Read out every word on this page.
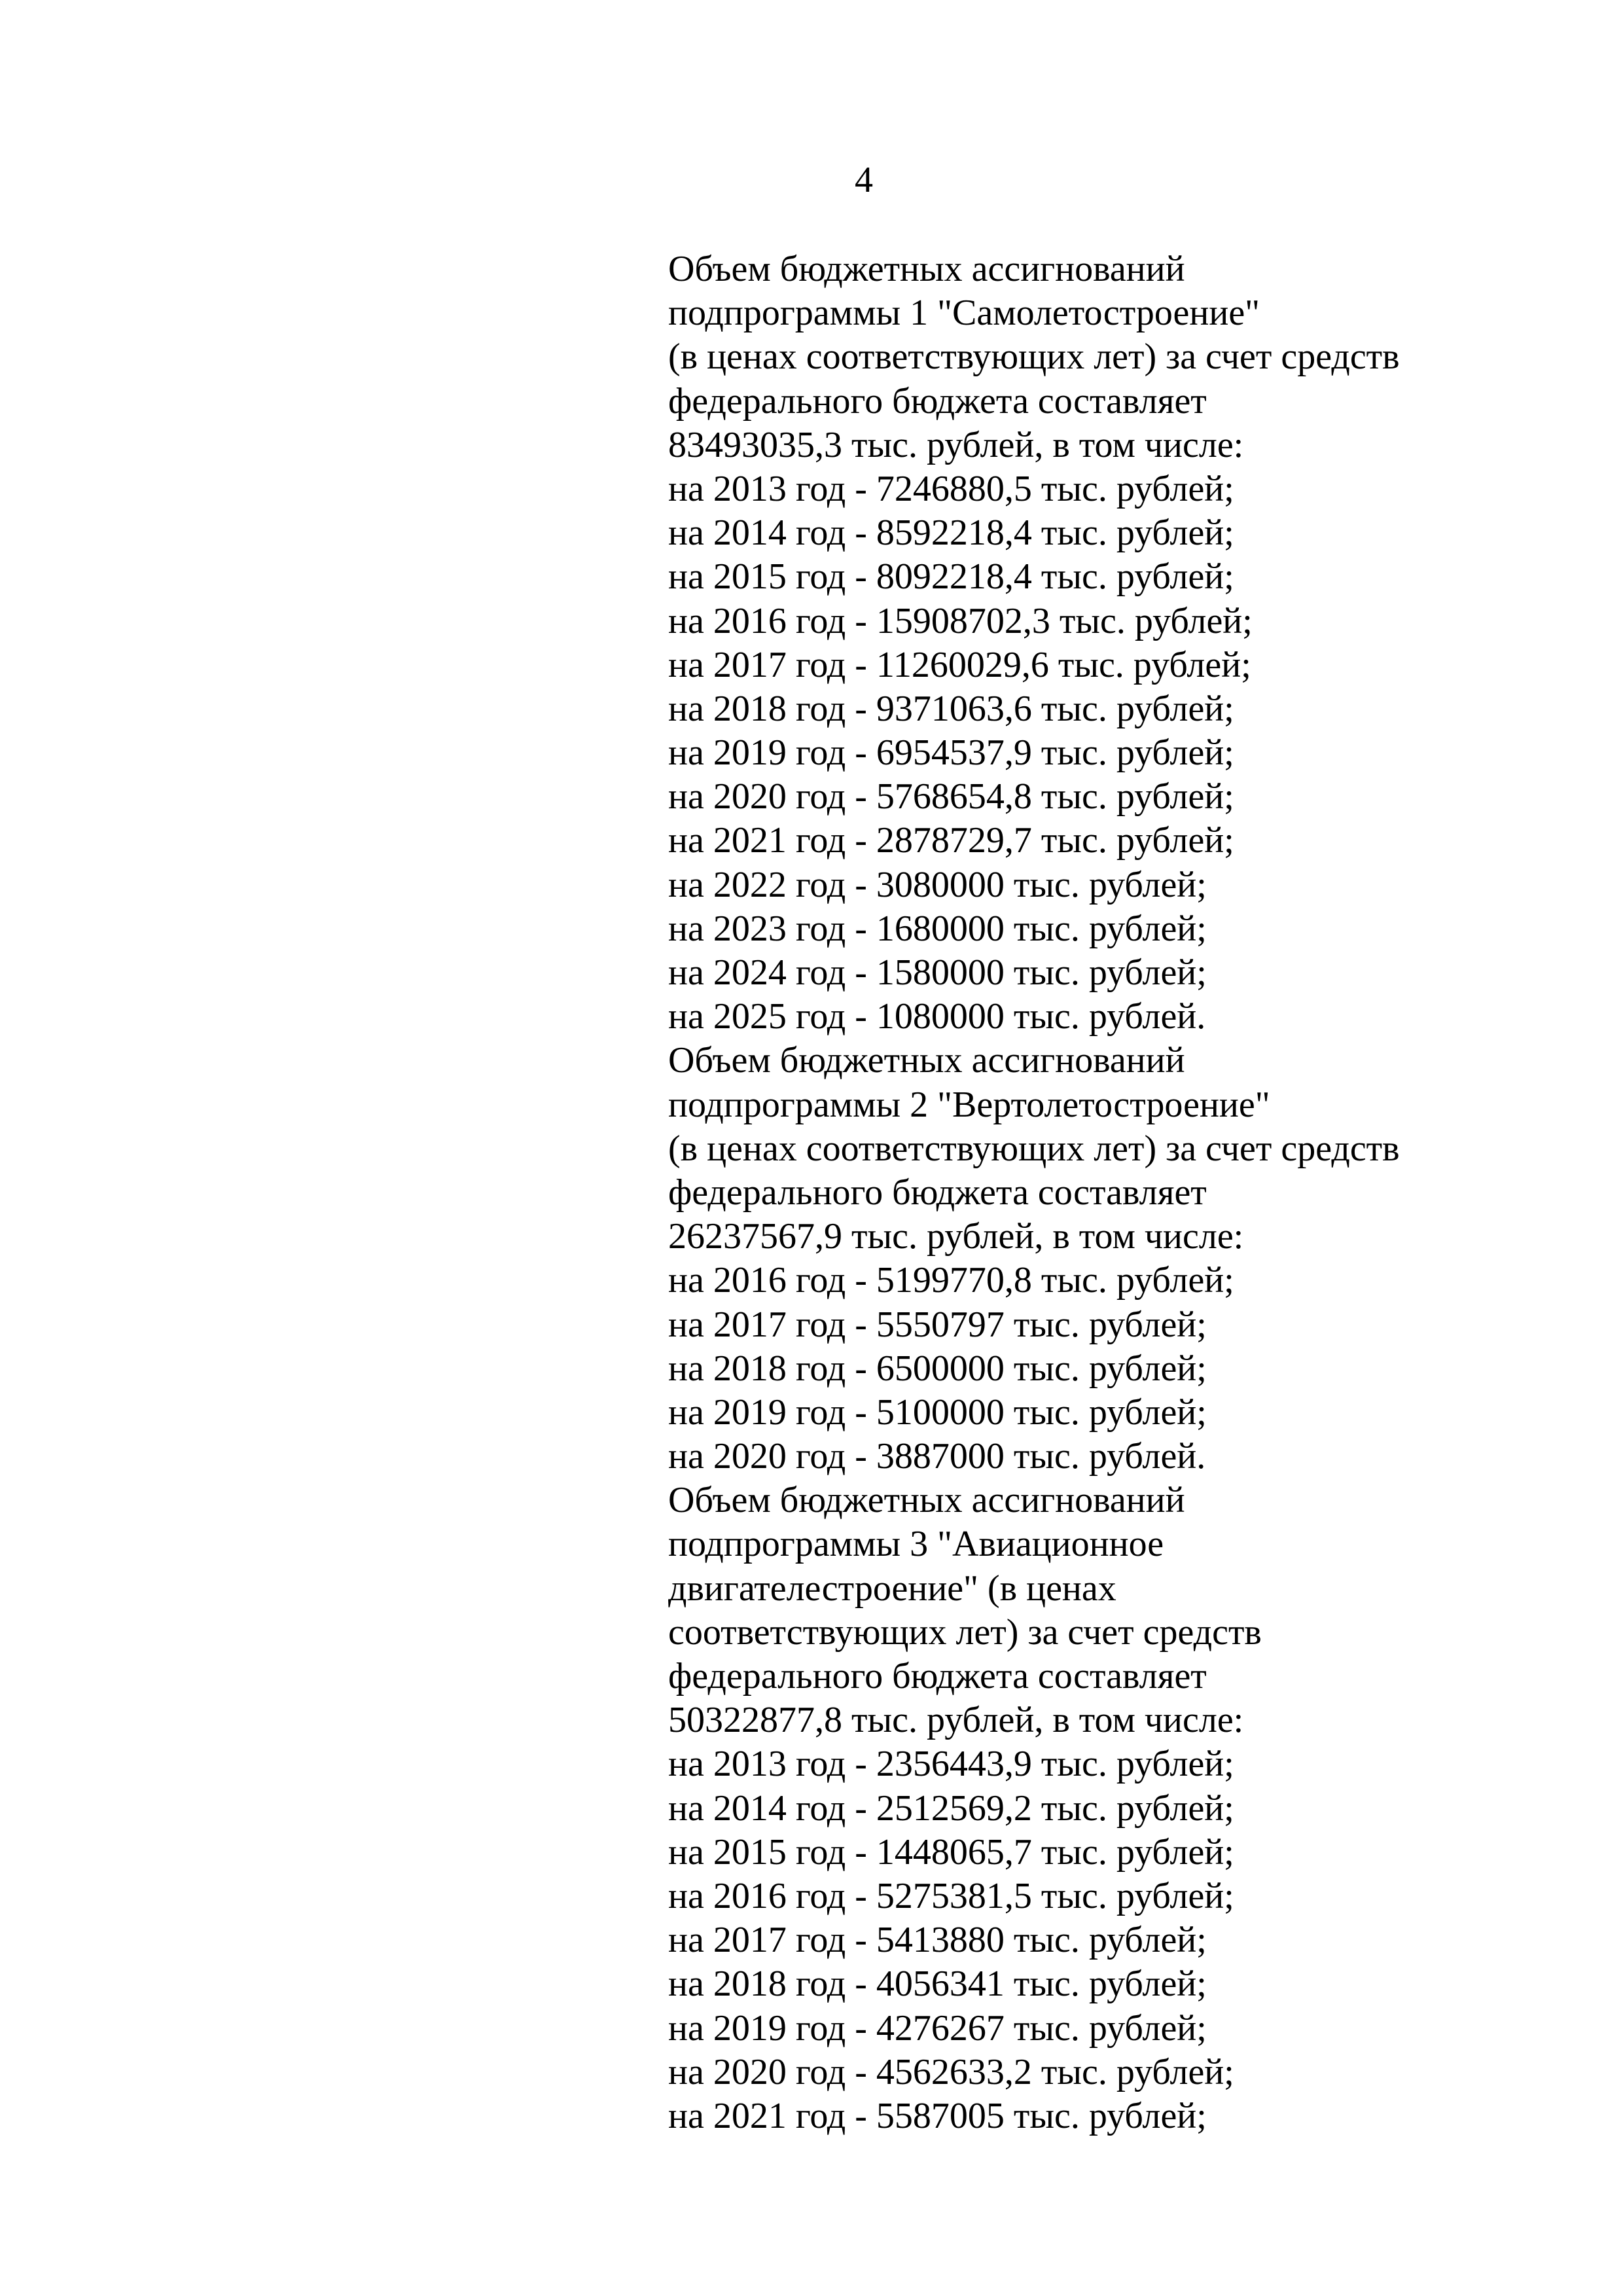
4
Объем бюджетных ассигнований
подпрограммы 1 "Самолетостроение"
(в ценах соответствующих лет) за счет средств
федерального бюджета составляет
83493035,3 тыс. рублей, в том числе:
на 2013 год - 7246880,5 тыс. рублей;
на 2014 год - 8592218,4 тыс. рублей;
на 2015 год - 8092218,4 тыс. рублей;
на 2016 год - 15908702,3 тыс. рублей;
на 2017 год - 11260029,6 тыс. рублей;
на 2018 год - 9371063,6 тыс. рублей;
на 2019 год - 6954537,9 тыс. рублей;
на 2020 год - 5768654,8 тыс. рублей;
на 2021 год - 2878729,7 тыс. рублей;
на 2022 год - 3080000 тыс. рублей;
на 2023 год - 1680000 тыс. рублей;
на 2024 год - 1580000 тыс. рублей;
на 2025 год - 1080000 тыс. рублей.
Объем бюджетных ассигнований
подпрограммы 2 "Вертолетостроение"
(в ценах соответствующих лет) за счет средств
федерального бюджета составляет
26237567,9 тыс. рублей, в том числе:
на 2016 год - 5199770,8 тыс. рублей;
на 2017 год - 5550797 тыс. рублей;
на 2018 год - 6500000 тыс. рублей;
на 2019 год - 5100000 тыс. рублей;
на 2020 год - 3887000 тыс. рублей.
Объем бюджетных ассигнований
подпрограммы 3 "Авиационное
двигателестроение" (в ценах
соответствующих лет) за счет средств
федерального бюджета составляет
50322877,8 тыс. рублей, в том числе:
на 2013 год - 2356443,9 тыс. рублей;
на 2014 год - 2512569,2 тыс. рублей;
на 2015 год - 1448065,7 тыс. рублей;
на 2016 год - 5275381,5 тыс. рублей;
на 2017 год - 5413880 тыс. рублей;
на 2018 год - 4056341 тыс. рублей;
на 2019 год - 4276267 тыс. рублей;
на 2020 год - 4562633,2 тыс. рублей;
на 2021 год - 5587005 тыс. рублей;
